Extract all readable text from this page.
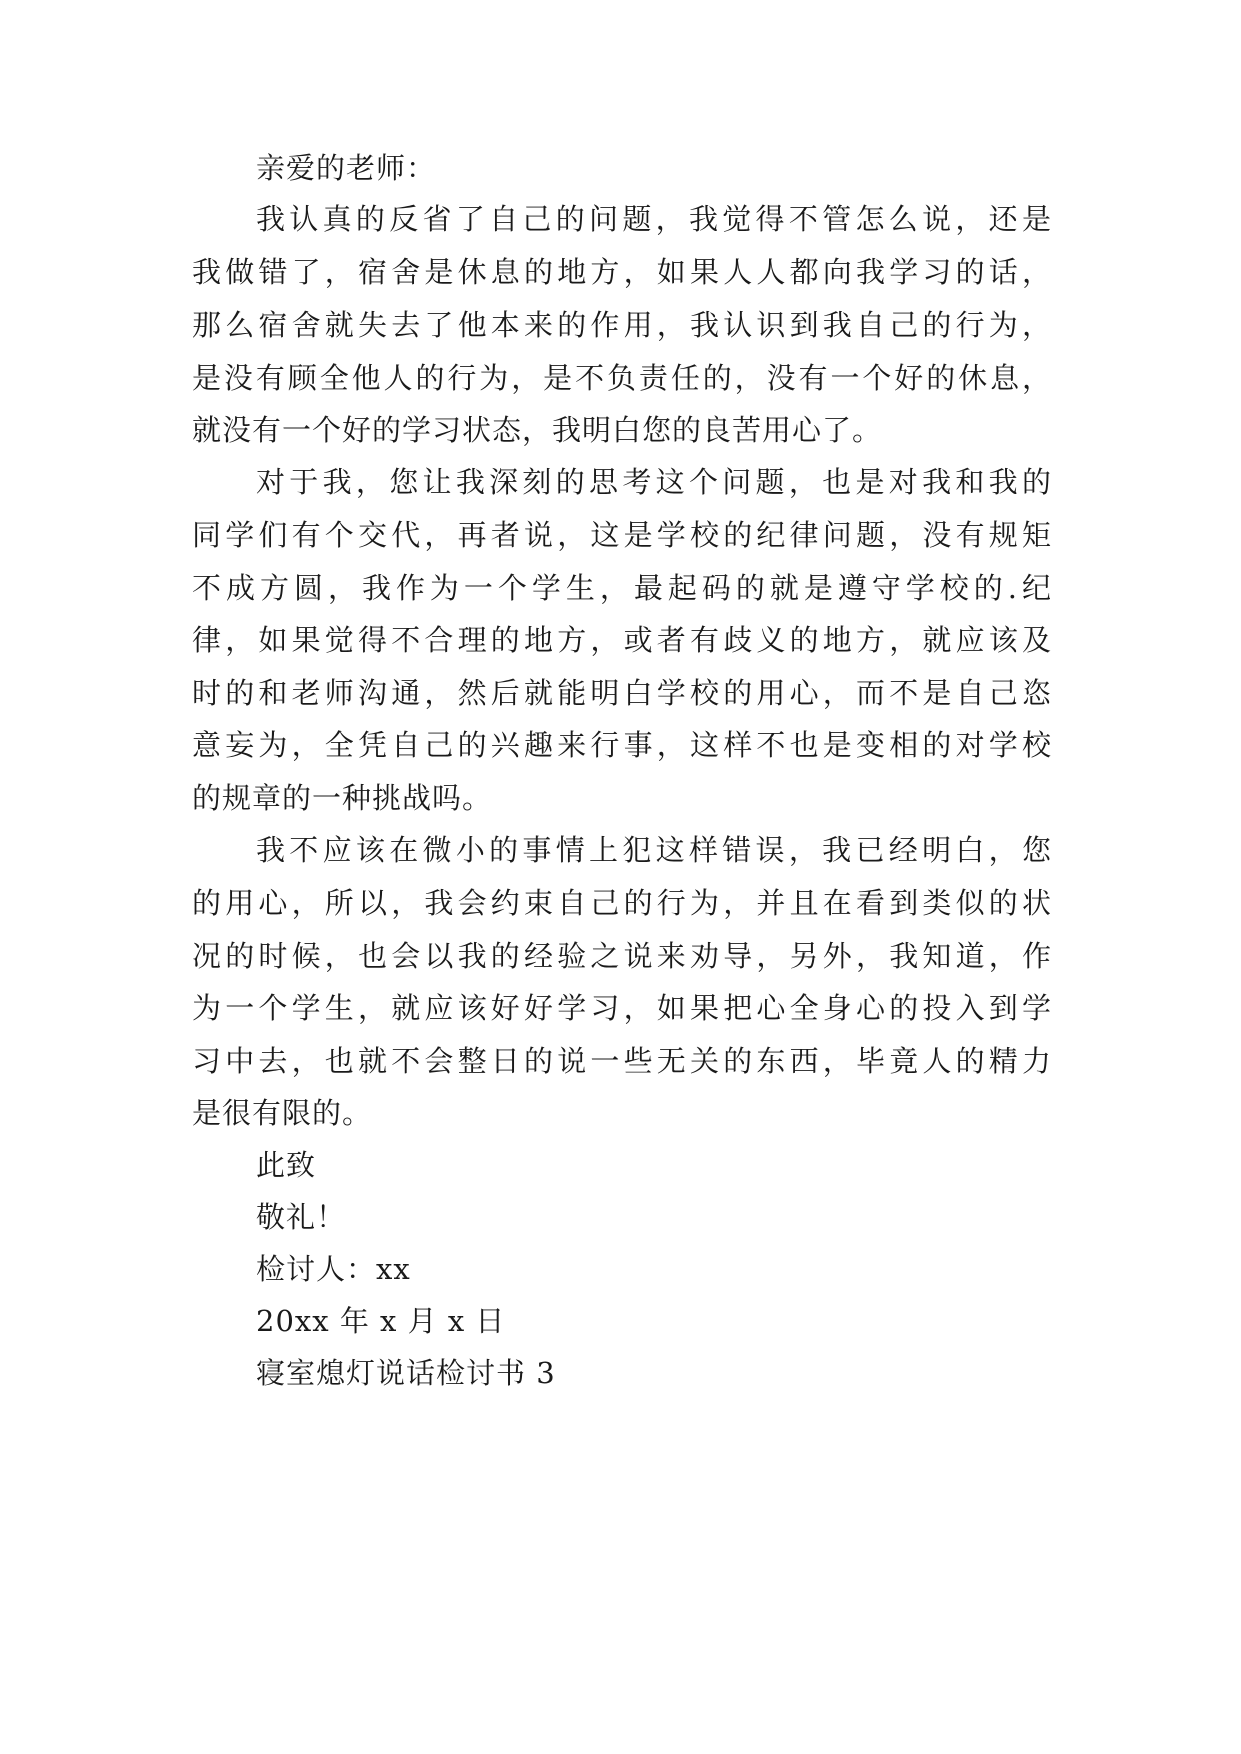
亲爱的老师：
我认真的反省了自己的问题，我觉得不管怎么说，还是
我做错了，宿舍是休息的地方，如果人人都向我学习的话，
那么宿舍就失去了他本来的作用，我认识到我自己的行为，
是没有顾全他人的行为，是不负责任的，没有一个好的休息，
就没有一个好的学习状态，我明白您的良苦用心了。
对于我，您让我深刻的思考这个问题，也是对我和我的
同学们有个交代，再者说，这是学校的纪律问题，没有规矩
不成方圆，我作为一个学生，最起码的就是遵守学校的.纪
律，如果觉得不合理的地方，或者有歧义的地方，就应该及
时的和老师沟通，然后就能明白学校的用心，而不是自己恣
意妄为，全凭自己的兴趣来行事，这样不也是变相的对学校
的规章的一种挑战吗。
我不应该在微小的事情上犯这样错误，我已经明白，您
的用心，所以，我会约束自己的行为，并且在看到类似的状
况的时候，也会以我的经验之说来劝导，另外，我知道，作
为一个学生，就应该好好学习，如果把心全身心的投入到学
习中去，也就不会整日的说一些无关的东西，毕竟人的精力
是很有限的。
此致
敬礼！
检讨人：xx
20xx 年 x 月 x 日
寝室熄灯说话检讨书 3
